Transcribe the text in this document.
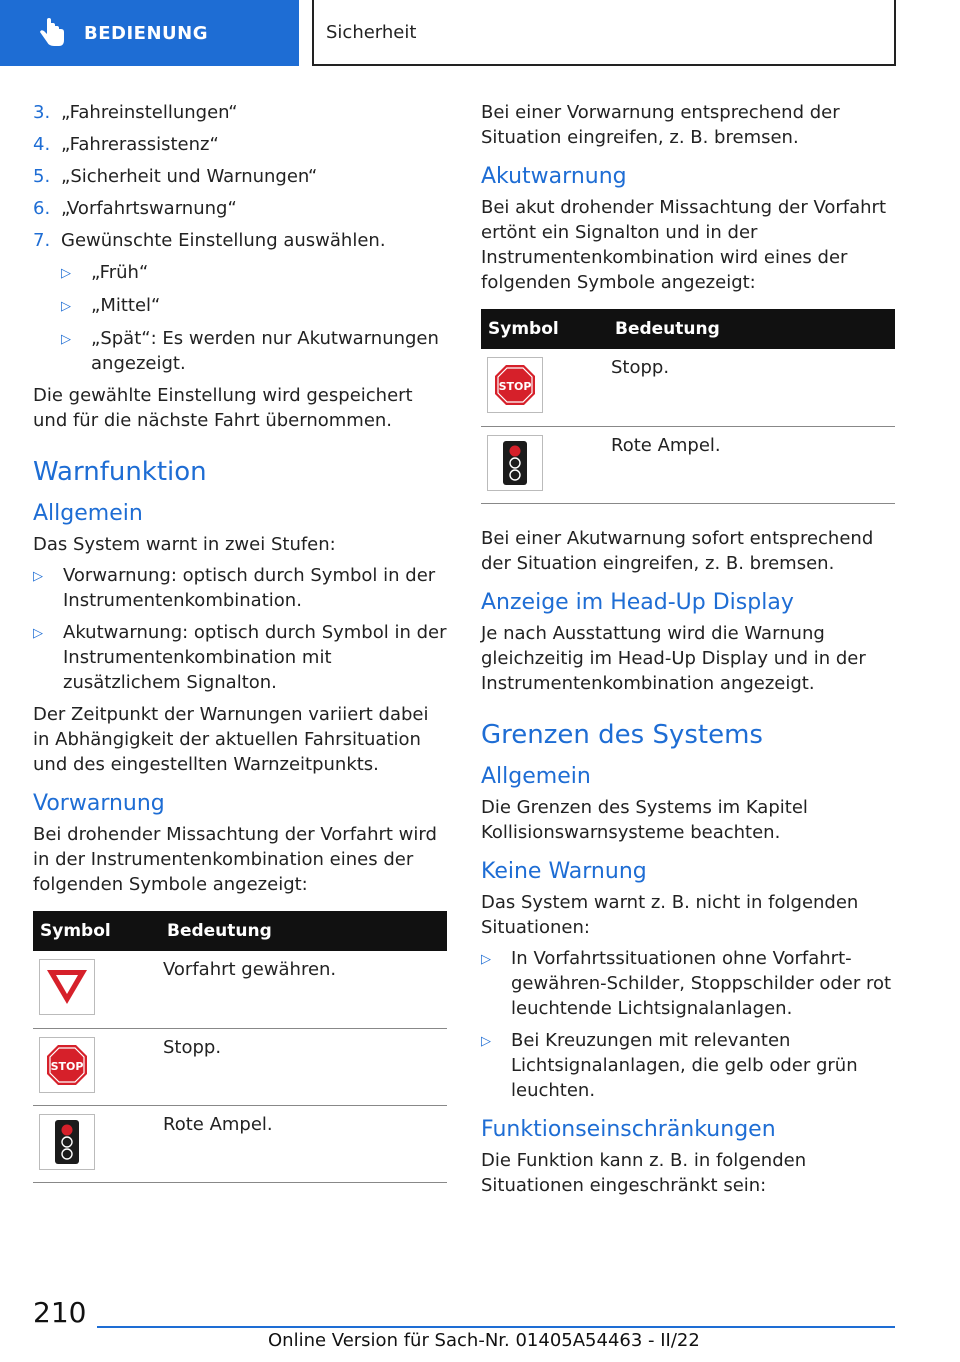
BEDIENUNG	Sicherheit
3. „Fahreinstellungen“
4. „Fahrerassistenz“
5. „Sicherheit und Warnungen“
6. „Vorfahrtswarnung“
7. Gewünschte Einstellung auswählen.
▷	„Früh“
▷	„Mittel“
▷	„Spät“: Es werden nur Akutwarnungen angezeigt.

Die gewählte Einstellung wird gespeichert und für die nächste Fahrt übernommen.

Warnfunktion
Allgemein

Das System warnt in zwei Stufen:

▷	Vorwarnung: optisch durch Symbol in der Instrumentenkombination.
▷	Akutwarnung: optisch durch Symbol in der Instrumentenkombination mit zusätzlichem Signalton.

Der Zeitpunkt der Warnungen variiert dabei in Abhängigkeit der aktuellen Fahrsituation und des eingestellten Warnzeitpunkts.

Vorwarnung

Bei drohender Missachtung der Vorfahrt wird in der Instrumentenkombination eines der folgenden Symbole angezeigt:

Symbol	Bedeutung

	Vorfahrt gewähren.

STOP	Stopp.

	Rote Ampel.

Bei einer Vorwarnung entsprechend der Situation eingreifen, z. B. bremsen.

Akutwarnung

Bei akut drohender Missachtung der Vorfahrt ertönt ein Signalton und in der Instrumentenkombination wird eines der folgenden Symbole angezeigt:

Symbol	Bedeutung

STOP	Stopp.

	Rote Ampel.

Bei einer Akutwarnung sofort entsprechend der Situation eingreifen, z. B. bremsen.

Anzeige im Head-Up Display

Je nach Ausstattung wird die Warnung gleichzeitig im Head-Up Display und in der Instrumentenkombination angezeigt.

Grenzen des Systems
Allgemein

Die Grenzen des Systems im Kapitel Kollisionswarnsysteme beachten.

Keine Warnung

Das System warnt z. B. nicht in folgenden Situationen:

▷	In Vorfahrtssituationen ohne Vorfahrt-gewähren-Schilder, Stoppschilder oder rot leuchtende Lichtsignalanlagen.
▷	Bei Kreuzungen mit relevanten Lichtsignalanlagen, die gelb oder grün leuchten.
Funktionseinschränkungen

Die Funktion kann z. B. in folgenden Situationen eingeschränkt sein:

210
Online Version für Sach-Nr. 01405A54463 - II/22
